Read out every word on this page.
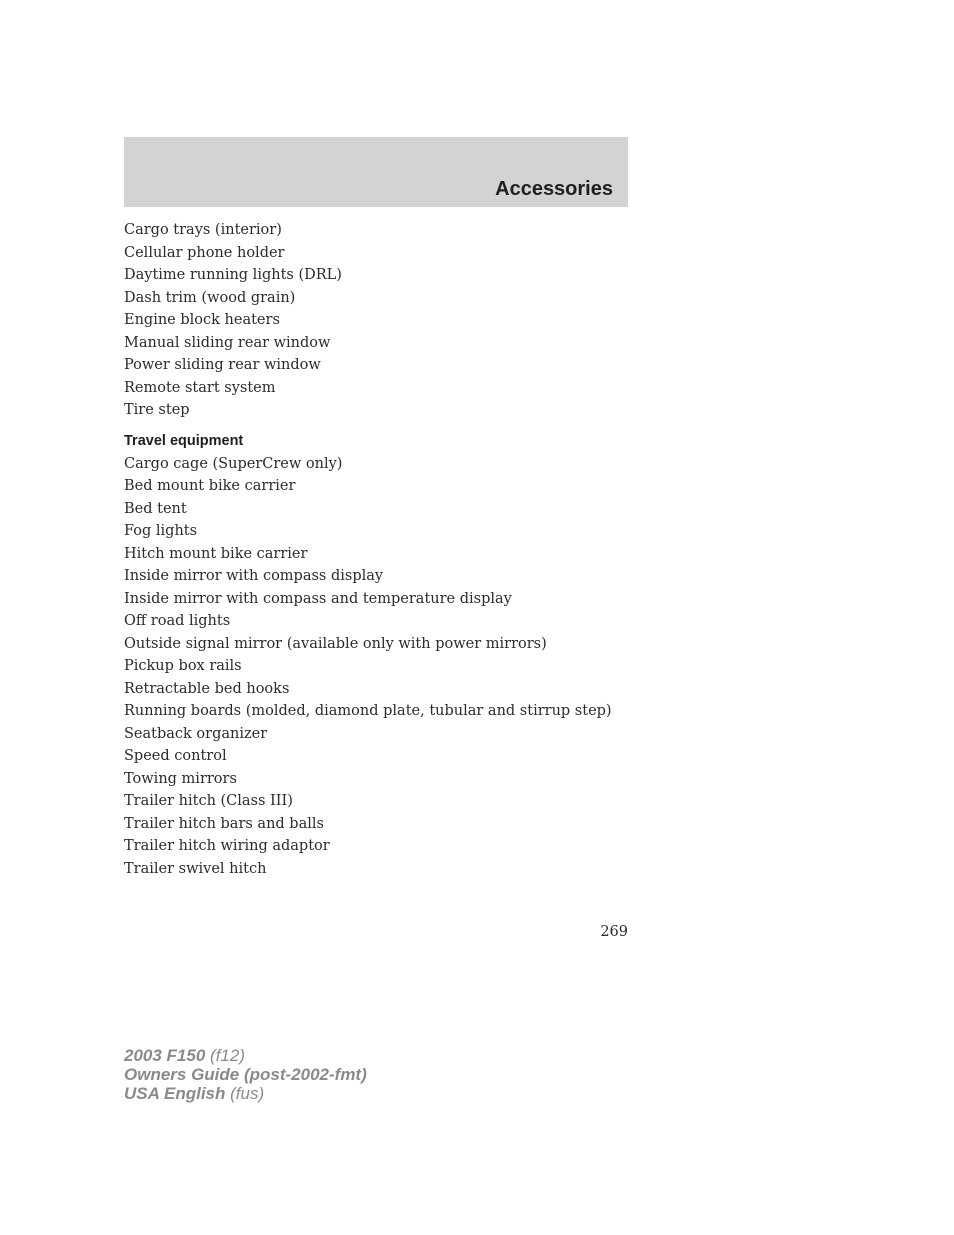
Accessories
Cargo trays (interior)
Cellular phone holder
Daytime running lights (DRL)
Dash trim (wood grain)
Engine block heaters
Manual sliding rear window
Power sliding rear window
Remote start system
Tire step
Travel equipment
Cargo cage (SuperCrew only)
Bed mount bike carrier
Bed tent
Fog lights
Hitch mount bike carrier
Inside mirror with compass display
Inside mirror with compass and temperature display
Off road lights
Outside signal mirror (available only with power mirrors)
Pickup box rails
Retractable bed hooks
Running boards (molded, diamond plate, tubular and stirrup step)
Seatback organizer
Speed control
Towing mirrors
Trailer hitch (Class III)
Trailer hitch bars and balls
Trailer hitch wiring adaptor
Trailer swivel hitch
269
2003 F150 (f12)
Owners Guide (post-2002-fmt)
USA English (fus)
